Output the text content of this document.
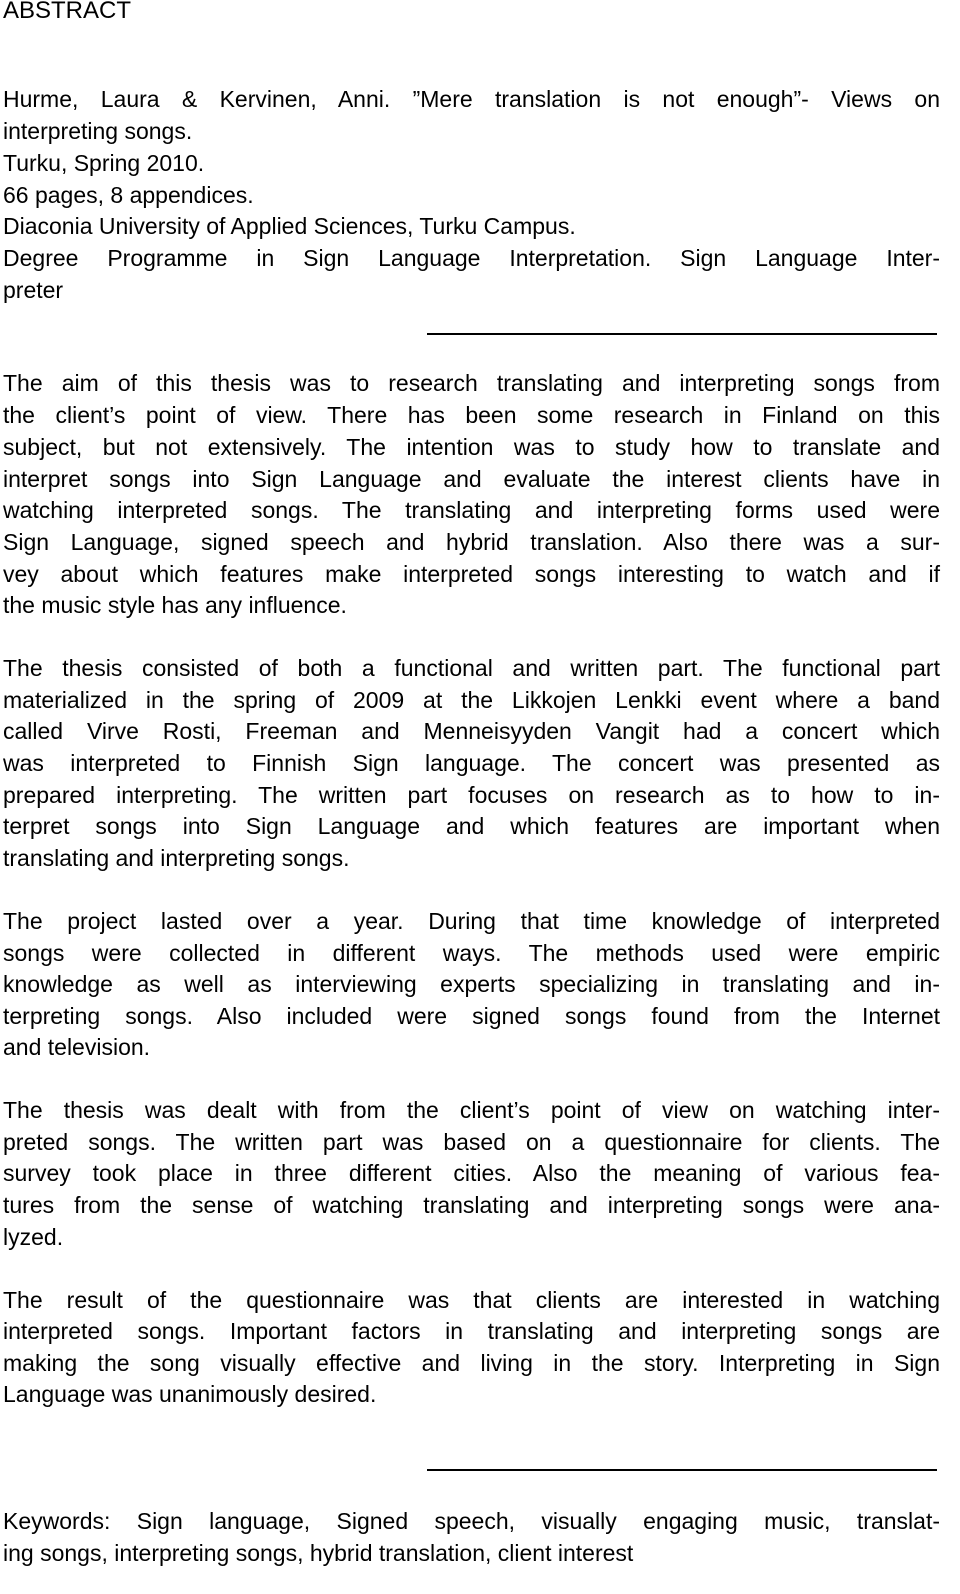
ABSTRACT
Hurme, Laura & Kervinen, Anni. ”Mere translation is not enough”- Views on
interpreting songs.
Turku, Spring 2010.
66 pages, 8 appendices.
Diaconia University of Applied Sciences, Turku Campus.
Degree Programme in Sign Language Interpretation. Sign Language Inter-
preter
The aim of this thesis was to research translating and interpreting songs from
the client’s point of view. There has been some research in Finland on this
subject, but not extensively. The intention was to study how to translate and
interpret songs into Sign Language and evaluate the interest clients have in
watching interpreted songs. The translating and interpreting forms used were
Sign Language, signed speech and hybrid translation. Also there was a sur-
vey about which features make interpreted songs interesting to watch and if
the music style has any influence.
The thesis consisted of both a functional and written part. The functional part
materialized in the spring of 2009 at the Likkojen Lenkki event where a band
called Virve Rosti, Freeman and Menneisyyden Vangit had a concert which
was interpreted to Finnish Sign language. The concert was presented as
prepared interpreting. The written part focuses on research as to how to in-
terpret songs into Sign Language and which features are important when
translating and interpreting songs.
The project lasted over a year. During that time knowledge of interpreted
songs were collected in different ways. The methods used were empiric
knowledge as well as interviewing experts specializing in translating and in-
terpreting songs. Also included were signed songs found from the Internet
and television.
The thesis was dealt with from the client’s point of view on watching inter-
preted songs. The written part was based on a questionnaire for clients. The
survey took place in three different cities. Also the meaning of various fea-
tures from the sense of watching translating and interpreting songs were ana-
lyzed.
The result of the questionnaire was that clients are interested in watching
interpreted songs. Important factors in translating and interpreting songs are
making the song visually effective and living in the story. Interpreting in Sign
Language was unanimously desired.
Keywords: Sign language, Signed speech, visually engaging music, translat-
ing songs, interpreting songs, hybrid translation, client interest
